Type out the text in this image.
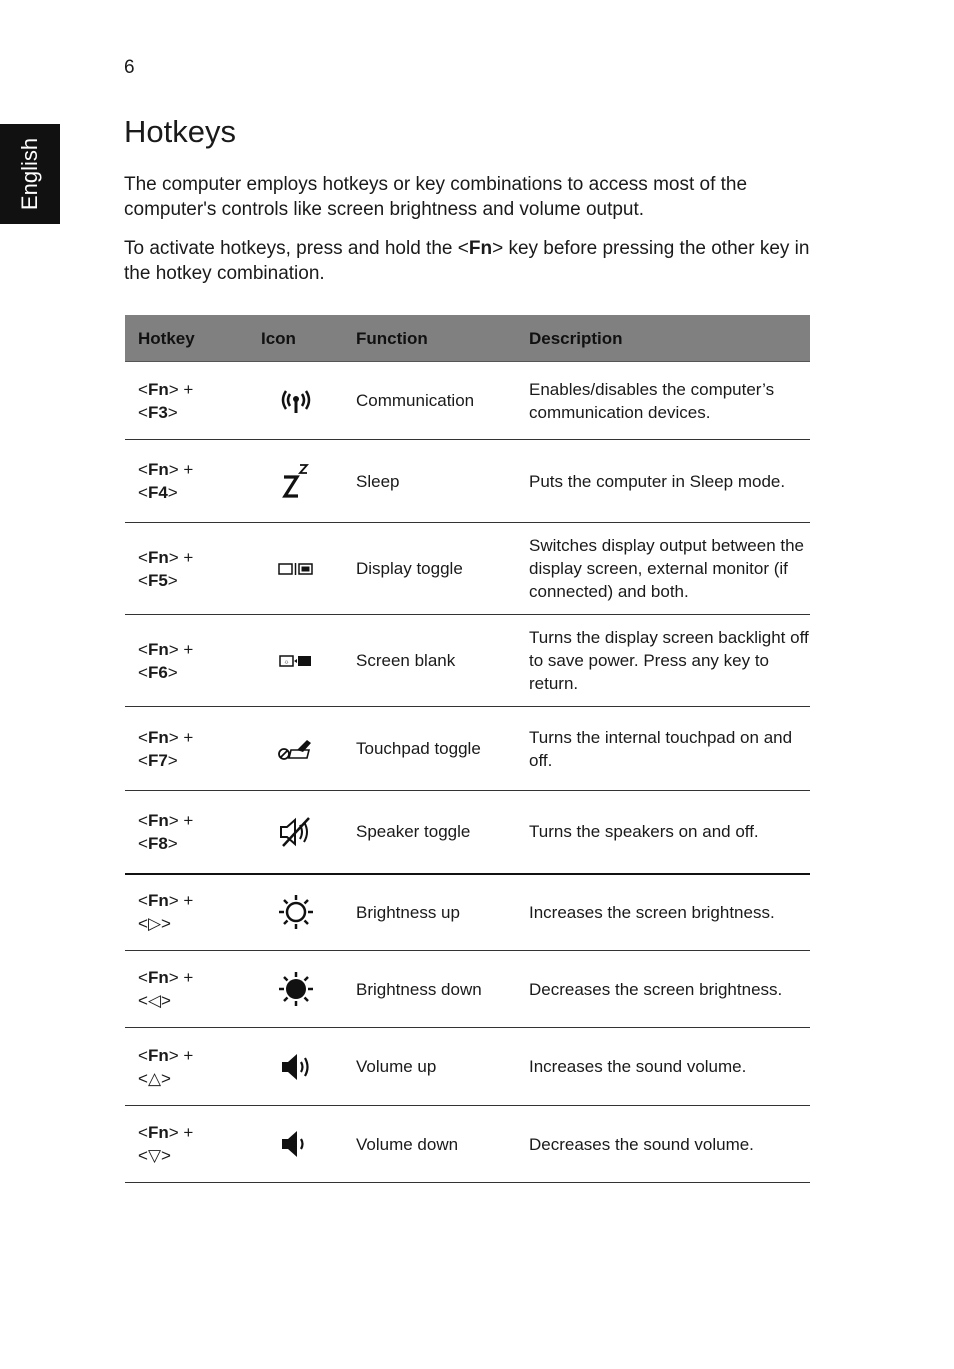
6
English
Hotkeys

The computer employs hotkeys or key combinations to access most of the computer's controls like screen brightness and volume output.

To activate hotkeys, press and hold the <Fn> key before pressing the other key in the hotkey combination.

Hotkey	Icon	Function	Description
<Fn> +
<F3>		Communication	Enables/disables the computer’s communication devices.
<Fn> +
<F4>		Sleep	Puts the computer in Sleep mode.
<Fn> +
<F5>		Display toggle	Switches display output between the display screen, external monitor (if connected) and both.
<Fn> +
<F6>	☼	Screen blank	Turns the display screen backlight off to save power. Press any key to return.
<Fn> +
<F7>		Touchpad toggle	Turns the internal touchpad on and off.
<Fn> +
<F8>		Speaker toggle	Turns the speakers on and off.
<Fn> +
<▷>		Brightness up	Increases the screen brightness.
<Fn> +
<◁>		Brightness down	Decreases the screen brightness.
<Fn> +
<△>		Volume up	Increases the sound volume.
<Fn> +
<▽>		Volume down	Decreases the sound volume.
